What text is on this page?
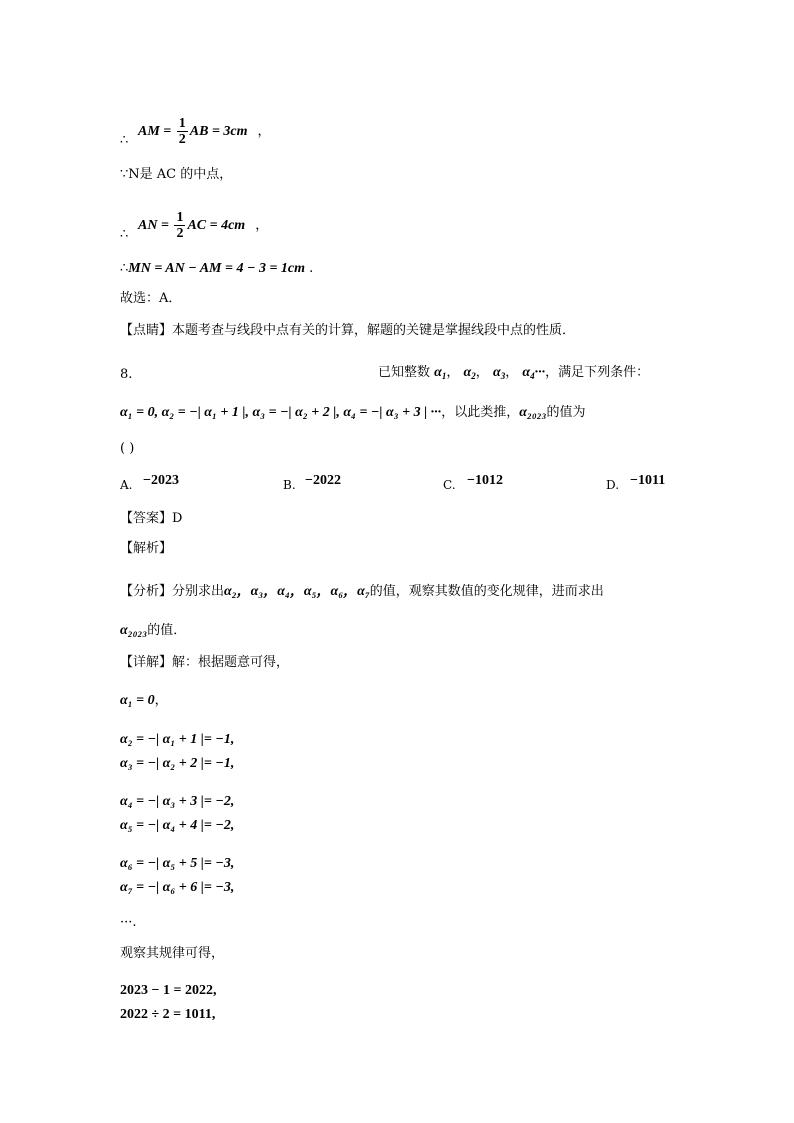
AM = $\frac{1}{2}$ AB = 3cm ，
∴
∵N是 AC 的中点，
AN = $\frac{1}{2}$ AC = 4cm ，
∴
∴MN = AN − AM = 4 − 3 = 1cm .
故选：A．
【点睛】本题考查与线段中点有关的计算，解题的关键是掌握线段中点的性质．
8.	已知整数 $\alpha_1$， $\alpha_2$， $\alpha_3$， $\alpha_4\cdot\cdot\cdot$，满足下列条件：
α₁ = 0, α₂ = −| α₁ + 1 |, α₃ = −| α₂ + 2 |, α₄ = −| α₃ + 3 | ···，以此类推，α₂₀₂₃的值为
( )
A. −2023	B. −2022	C. −1012	D. −1011
【答案】D
【解析】
【分析】分别求出α₂，α₃，α₄，α₅，α₆，α₇的值，观察其数值的变化规律，进而求出
α₂₀₂₃的值．
【详解】解：根据题意可得，
α₁ = 0，
α₂ = −| α₁ + 1 |= −1,
α₃ = −| α₂ + 2 |= −1,
α₄ = −| α₃ + 3 |= −2,
α₅ = −| α₄ + 4 |= −2,
α₆ = −| α₅ + 5 |= −3,
α₇ = −| α₆ + 6 |= −3,
···.
观察其规律可得，
2023 − 1 = 2022,
2022 ÷ 2 = 1011,
